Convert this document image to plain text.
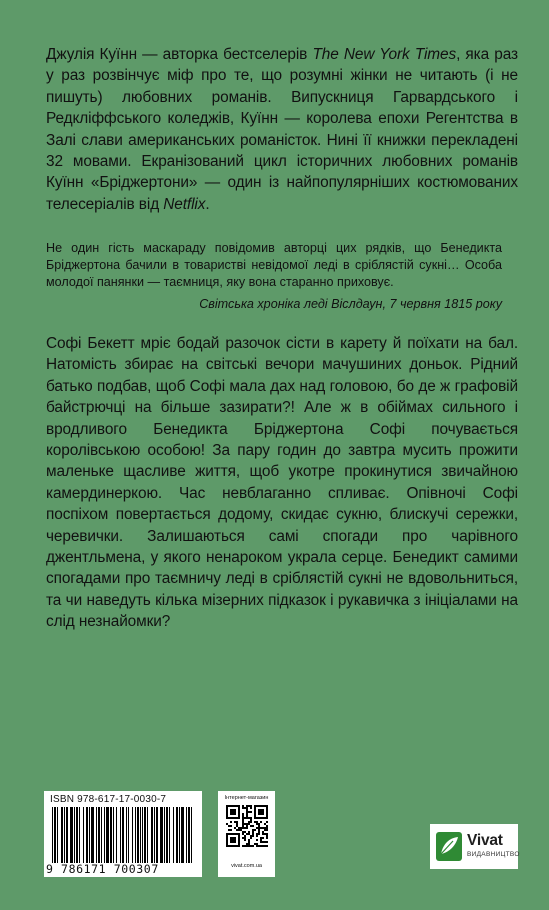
Джулія Куїнн — авторка бестселерів The New York Times, яка раз у раз розвінчує міф про те, що розумні жінки не читають (і не пишуть) любовних романів. Випускниця Гарвардського і Редкліффського коледжів, Куїнн — королева епохи Регентства в Залі слави американських романісток. Нині її книжки перекладені 32 мовами. Екранізований цикл історичних любовних романів Куїнн «Бріджертони» — один із найпопулярніших костюмованих телесеріалів від Netflix.

Не один гість маскараду повідомив авторці цих рядків, що Бенедикта Бріджертона бачили в товаристві невідомої леді в сріблястій сукні… Особа молодої панянки — таємниця, яку вона старанно приховує.

Світська хроніка леді Віслдаун, 7 червня 1815 року

Софі Бекетт мріє бодай разочок сісти в карету й поїхати на бал. Натомість збирає на світські вечори мачушиних доньок. Рідний батько подбав, щоб Софі мала дах над головою, бо де ж графовій байстрючці на більше зазирати?! Але ж в обіймах сильного і вродливого Бенедикта Бріджертона Софі почувається королівською особою! За пару годин до завтра мусить прожити маленьке щасливе життя, щоб укотре прокинутися звичайною камердинеркою. Час невблаганно спливає. Опівночі Софі поспіхом повертається додому, скидає сукню, блискучі сережки, черевички. Залишаються самі спогади про чарівного джентльмена, у якого ненароком украла серце. Бенедикт самими спогадами про таємничу леді в сріблястій сукні не вдовольниться, та чи наведуть кілька мізерних підказок і рукавичка з ініціалами на слід незнайомки?
ISBN 978-617-17-0030-7
9 786171 700307
Інтернет-магазин
vivat.com.ua
Vivat
ВИДАВНИЦТВО
